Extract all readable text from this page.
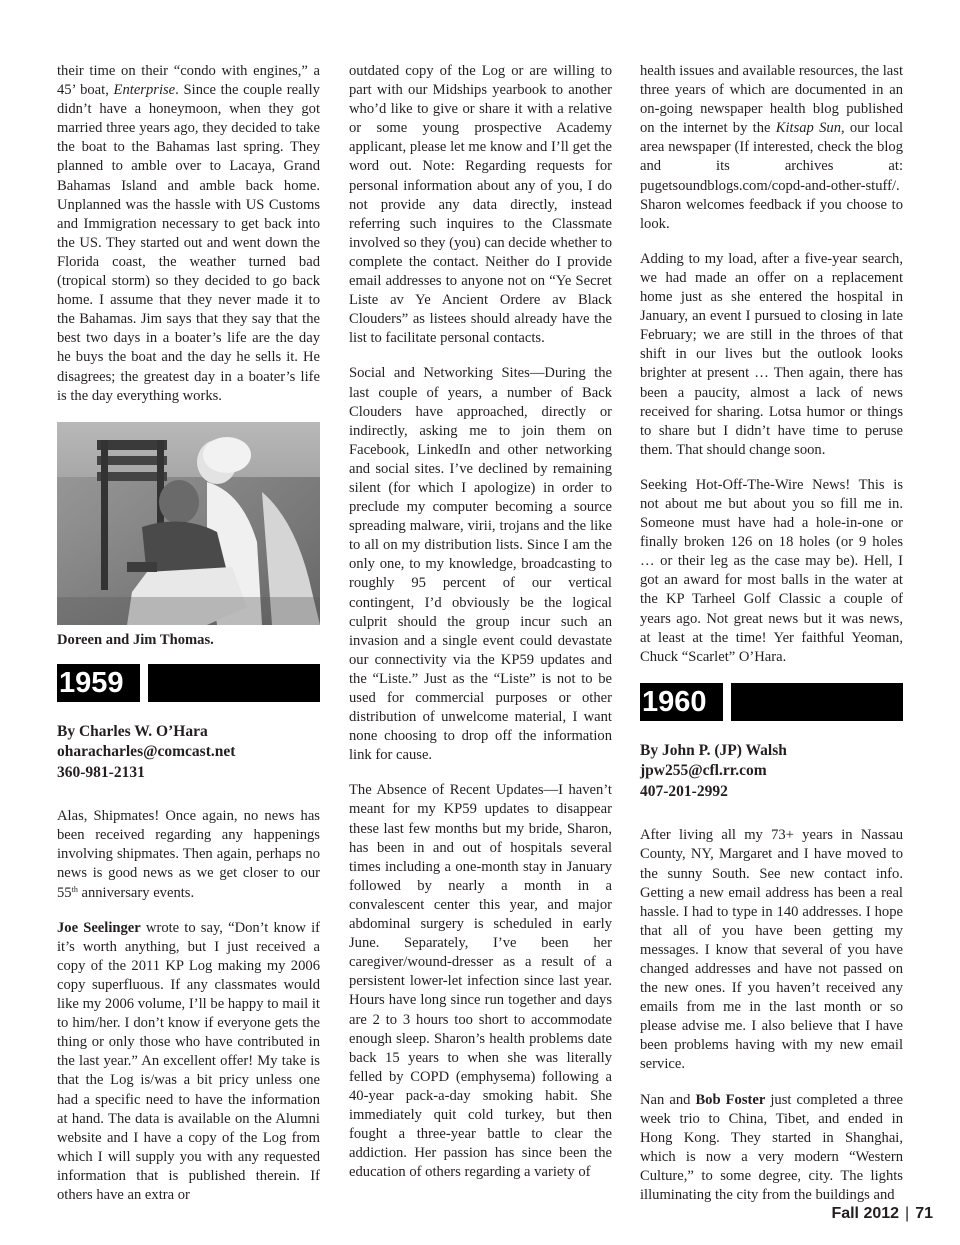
their time on their “condo with engines,” a 45’ boat, Enterprise. Since the couple really didn’t have a honeymoon, when they got married three years ago, they decided to take the boat to the Bahamas last spring. They planned to amble over to Lacaya, Grand Bahamas Island and amble back home. Unplanned was the hassle with US Customs and Immigration necessary to get back into the US. They started out and went down the Florida coast, the weather turned bad (tropical storm) so they decided to go back home. I assume that they never made it to the Bahamas. Jim says that they say that the best two days in a boater’s life are the day he buys the boat and the day he sells it. He disagrees; the greatest day in a boater’s life is the day everything works.

Doreen and Jim Thomas.
1959
By Charles W. O’Hara
oharacharles@comcast.net
360-981-2131

Alas, Shipmates! Once again, no news has been received regarding any happenings involving shipmates. Then again, perhaps no news is good news as we get closer to our 55th anniversary events.

Joe Seelinger wrote to say, “Don’t know if it’s worth anything, but I just received a copy of the 2011 KP Log making my 2006 copy superfluous. If any classmates would like my 2006 volume, I’ll be happy to mail it to him/her. I don’t know if everyone gets the thing or only those who have contributed in the last year.” An excellent offer! My take is that the Log is/was a bit pricy unless one had a specific need to have the information at hand. The data is available on the Alumni website and I have a copy of the Log from which I will supply you with any requested information that is published therein. If others have an extra or

outdated copy of the Log or are willing to part with our Midships yearbook to another who’d like to give or share it with a relative or some young prospective Academy applicant, please let me know and I’ll get the word out. Note: Regarding requests for personal information about any of you, I do not provide any data directly, instead referring such inquires to the Classmate involved so they (you) can decide whether to complete the contact. Neither do I provide email addresses to anyone not on “Ye Secret Liste av Ye Ancient Ordere av Black Clouders” as listees should already have the list to facilitate personal contacts.

Social and Networking Sites—During the last couple of years, a number of Back Clouders have approached, directly or indirectly, asking me to join them on Facebook, LinkedIn and other networking and social sites. I’ve declined by remaining silent (for which I apologize) in order to preclude my computer becoming a source spreading malware, virii, trojans and the like to all on my distribution lists. Since I am the only one, to my knowledge, broadcasting to roughly 95 percent of our vertical contingent, I’d obviously be the logical culprit should the group incur such an invasion and a single event could devastate our connectivity via the KP59 updates and the “Liste.” Just as the “Liste” is not to be used for commercial purposes or other distribution of unwelcome material, I want none choosing to drop off the information link for cause.

The Absence of Recent Updates—I haven’t meant for my KP59 updates to disappear these last few months but my bride, Sharon, has been in and out of hospitals several times including a one-month stay in January followed by nearly a month in a convalescent center this year, and major abdominal surgery is scheduled in early June. Separately, I’ve been her caregiver/wound-dresser as a result of a persistent lower-let infection since last year. Hours have long since run together and days are 2 to 3 hours too short to accommodate enough sleep. Sharon’s health problems date back 15 years to when she was literally felled by COPD (emphysema) following a 40-year pack-a-day smoking habit. She immediately quit cold turkey, but then fought a three-year battle to clear the addiction. Her passion has since been the education of others regarding a variety of

health issues and available resources, the last three years of which are documented in an on-going newspaper health blog published on the internet by the Kitsap Sun, our local area newspaper (If interested, check the blog and its archives at: pugetsoundblogs.com/copd-and-other-stuff/. Sharon welcomes feedback if you choose to look.

Adding to my load, after a five-year search, we had made an offer on a replacement home just as she entered the hospital in January, an event I pursued to closing in late February; we are still in the throes of that shift in our lives but the outlook looks brighter at present … Then again, there has been a paucity, almost a lack of news received for sharing. Lotsa humor or things to share but I didn’t have time to peruse them. That should change soon.

Seeking Hot-Off-The-Wire News! This is not about me but about you so fill me in. Someone must have had a hole-in-one or finally broken 126 on 18 holes (or 9 holes … or their leg as the case may be). Hell, I got an award for most balls in the water at the KP Tarheel Golf Classic a couple of years ago. Not great news but it was news, at least at the time! Yer faithful Yeoman, Chuck “Scarlet” O’Hara.

1960
By John P. (JP) Walsh
jpw255@cfl.rr.com
407-201-2992

After living all my 73+ years in Nassau County, NY, Margaret and I have moved to the sunny South. See new contact info. Getting a new email address has been a real hassle. I had to type in 140 addresses. I hope that all of you have been getting my messages. I know that several of you have changed addresses and have not passed on the new ones. If you haven’t received any emails from me in the last month or so please advise me. I also believe that I have been problems having with my new email service.

Nan and Bob Foster just completed a three week trio to China, Tibet, and ended in Hong Kong. They started in Shanghai, which is now a very modern “Western Culture,” to some degree, city. The lights illuminating the city from the buildings and

Fall 2012 | 71
